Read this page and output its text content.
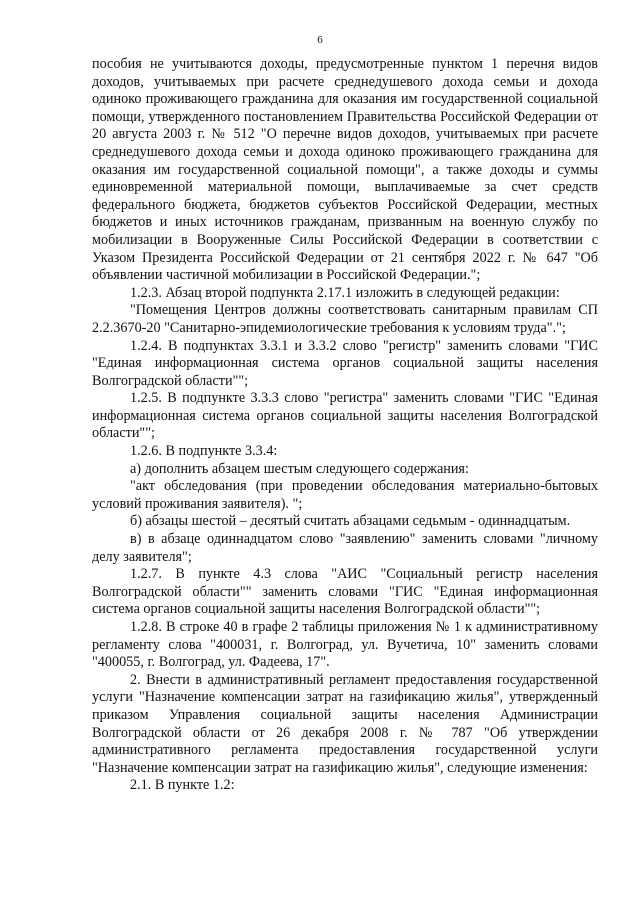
6

пособия не учитываются доходы, предусмотренные пунктом 1 перечня видов доходов, учитываемых при расчете среднедушевого дохода семьи и дохода одиноко проживающего гражданина для оказания им государственной социальной помощи, утвержденного постановлением Правительства Российской Федерации от 20 августа 2003 г. № 512 "О перечне видов доходов, учитываемых при расчете среднедушевого дохода семьи и дохода одиноко проживающего гражданина для оказания им государственной социальной помощи", а также доходы и суммы единовременной материальной помощи, выплачиваемые за счет средств федерального бюджета, бюджетов субъектов Российской Федерации, местных бюджетов и иных источников гражданам, призванным на военную службу по мобилизации в Вооруженные Силы Российской Федерации в соответствии с Указом Президента Российской Федерации от 21 сентября 2022 г. № 647 "Об объявлении частичной мобилизации в Российской Федерации.";

1.2.3. Абзац второй подпункта 2.17.1 изложить в следующей редакции:

"Помещения Центров должны соответствовать санитарным правилам СП 2.2.3670-20 "Санитарно-эпидемиологические требования к условиям труда".";

1.2.4. В подпунктах 3.3.1 и 3.3.2 слово "регистр" заменить словами "ГИС "Единая информационная система органов социальной защиты населения Волгоградской области"";

1.2.5. В подпункте 3.3.3 слово "регистра" заменить словами "ГИС "Единая информационная система органов социальной защиты населения Волгоградской области"";

1.2.6. В подпункте 3.3.4:

а) дополнить абзацем шестым следующего содержания:

"акт обследования (при проведении обследования материально-бытовых условий проживания заявителя). ";

б) абзацы шестой – десятый считать абзацами седьмым - одиннадцатым.

в) в абзаце одиннадцатом слово "заявлению" заменить словами "личному делу заявителя";

1.2.7. В пункте 4.3 слова "АИС "Социальный регистр населения Волгоградской области"" заменить словами "ГИС "Единая информационная система органов социальной защиты населения Волгоградской области"";

1.2.8. В строке 40 в графе 2 таблицы приложения № 1 к административному регламенту слова "400031, г. Волгоград, ул. Вучетича, 10" заменить словами "400055, г. Волгоград, ул. Фадеева, 17".

2. Внести в административный регламент предоставления государственной услуги "Назначение компенсации затрат на газификацию жилья", утвержденный приказом Управления социальной защиты населения Администрации Волгоградской области от 26 декабря 2008 г. № 787 "Об утверждении административного регламента предоставления государственной услуги "Назначение компенсации затрат на газификацию жилья", следующие изменения:

2.1. В пункте 1.2:
